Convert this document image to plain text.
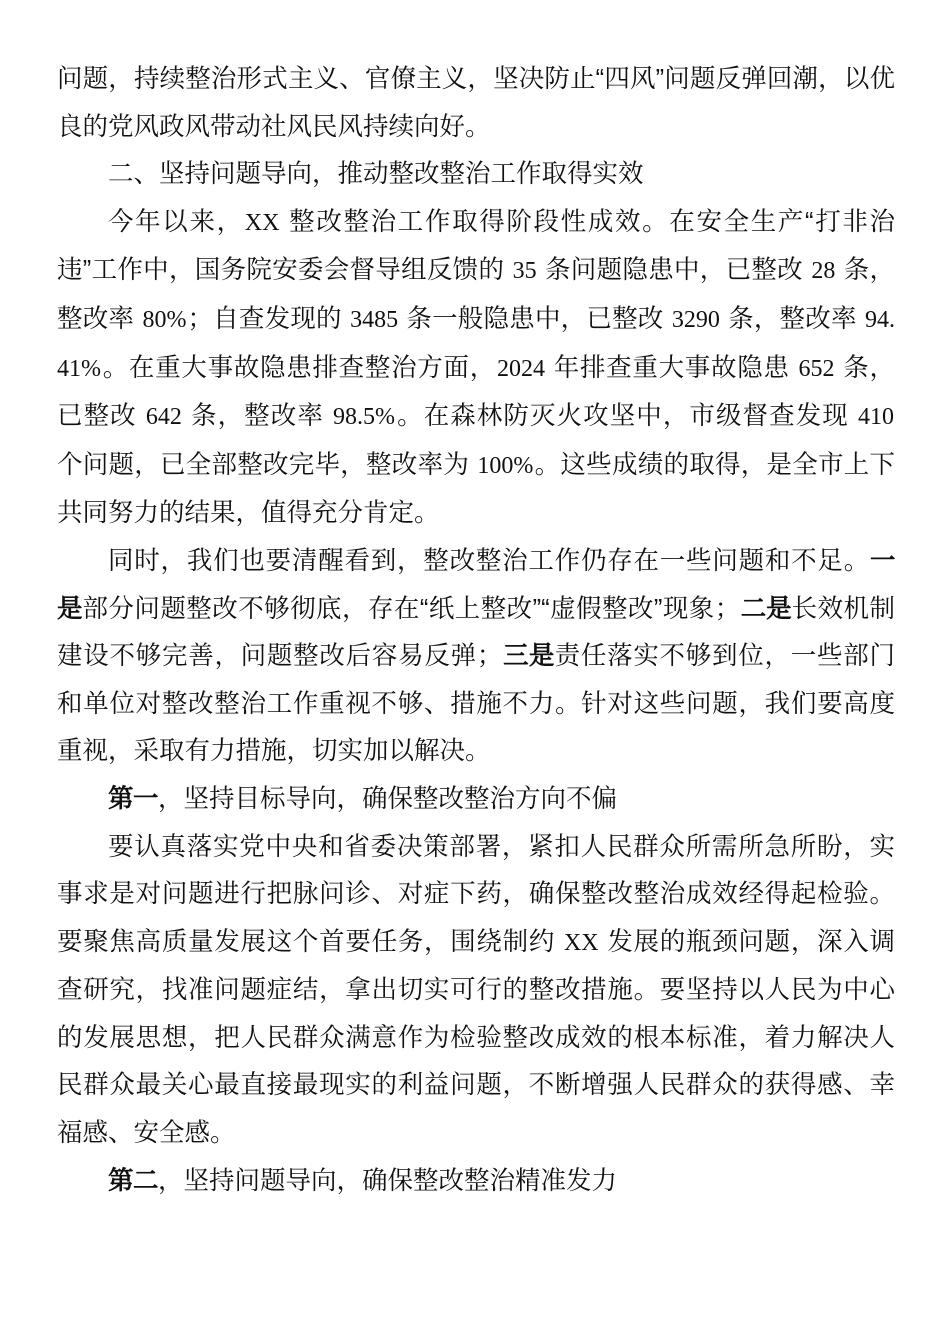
问题，持续整治形式主义、官僚主义，坚决防止“四风”问题反弹回潮，以优良的党风政风带动社风民风持续向好。

二、坚持问题导向，推动整改整治工作取得实效

今年以来，XX 整改整治工作取得阶段性成效。在安全生产“打非治违”工作中，国务院安委会督导组反馈的 35 条问题隐患中，已整改 28 条，整改率 80%；自查发现的 3485 条一般隐患中，已整改 3290 条，整改率 94.41%。在重大事故隐患排查整治方面，2024 年排查重大事故隐患 652 条，已整改 642 条，整改率 98.5%。在森林防灭火攻坚中，市级督查发现 410 个问题，已全部整改完毕，整改率为 100%。这些成绩的取得，是全市上下共同努力的结果，值得充分肯定。

同时，我们也要清醒看到，整改整治工作仍存在一些问题和不足。一是部分问题整改不够彻底，存在“纸上整改”“虚假整改”现象；二是长效机制建设不够完善，问题整改后容易反弹；三是责任落实不够到位，一些部门和单位对整改整治工作重视不够、措施不力。针对这些问题，我们要高度重视，采取有力措施，切实加以解决。

第一，坚持目标导向，确保整改整治方向不偏

要认真落实党中央和省委决策部署，紧扣人民群众所需所急所盼，实事求是对问题进行把脉问诊、对症下药，确保整改整治成效经得起检验。要聚焦高质量发展这个首要任务，围绕制约 XX 发展的瓶颈问题，深入调查研究，找准问题症结，拿出切实可行的整改措施。要坚持以人民为中心的发展思想，把人民群众满意作为检验整改成效的根本标准，着力解决人民群众最关心最直接最现实的利益问题，不断增强人民群众的获得感、幸福感、安全感。

第二，坚持问题导向，确保整改整治精准发力
